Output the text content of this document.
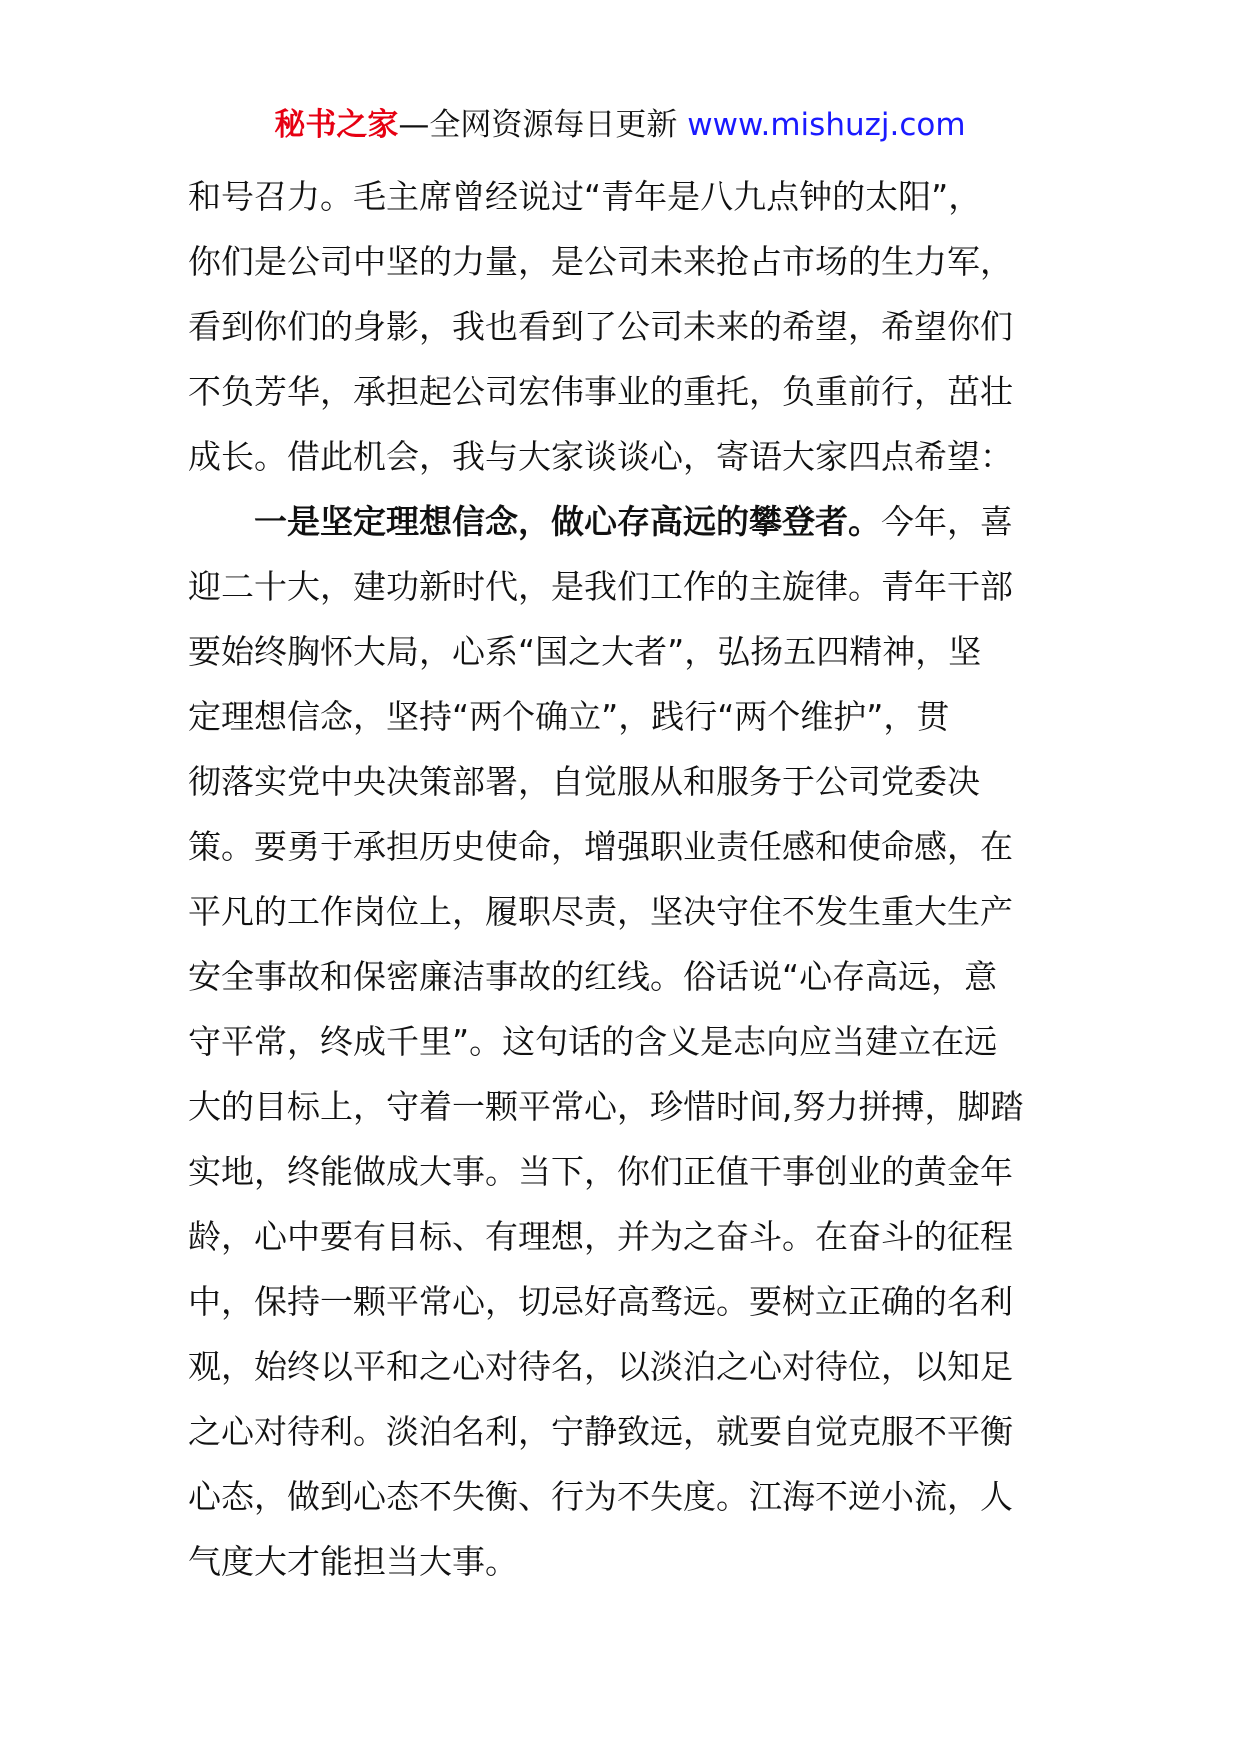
秘书之家—全网资源每日更新 www.mishuzj.com
和号召力。毛主席曾经说过“青年是八九点钟的太阳”，
你们是公司中坚的力量，是公司未来抢占市场的生力军，
看到你们的身影，我也看到了公司未来的希望，希望你们
不负芳华，承担起公司宏伟事业的重托，负重前行，茁壮
成长。借此机会，我与大家谈谈心，寄语大家四点希望：
一是坚定理想信念，做心存高远的攀登者。今年，喜
迎二十大，建功新时代，是我们工作的主旋律。青年干部
要始终胸怀大局，心系“国之大者”，弘扬五四精神，坚
定理想信念，坚持“两个确立”，践行“两个维护”，贯
彻落实党中央决策部署，自觉服从和服务于公司党委决
策。要勇于承担历史使命，增强职业责任感和使命感，在
平凡的工作岗位上，履职尽责，坚决守住不发生重大生产
安全事故和保密廉洁事故的红线。俗话说“心存高远，意
守平常，终成千里”。这句话的含义是志向应当建立在远
大的目标上，守着一颗平常心，珍惜时间,努力拼搏，脚踏
实地，终能做成大事。当下，你们正值干事创业的黄金年
龄，心中要有目标、有理想，并为之奋斗。在奋斗的征程
中，保持一颗平常心，切忌好高骛远。要树立正确的名利
观，始终以平和之心对待名，以淡泊之心对待位，以知足
之心对待利。淡泊名利，宁静致远，就要自觉克服不平衡
心态，做到心态不失衡、行为不失度。江海不逆小流，人
气度大才能担当大事。
